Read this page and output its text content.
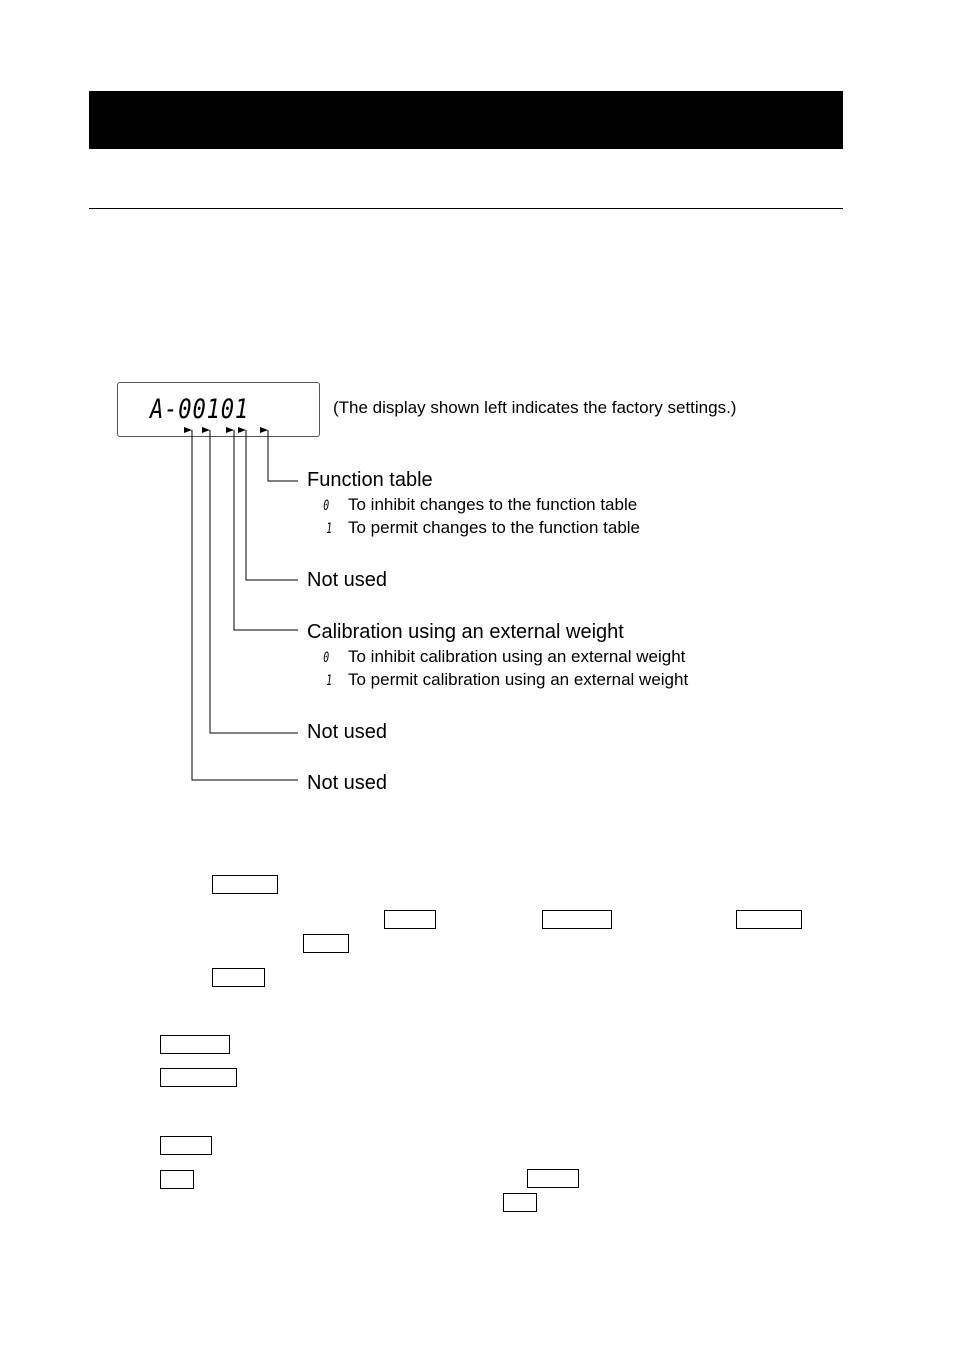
A-00101	(The display shown left indicates the factory settings.)
Function table
0 To inhibit changes to the function table
1 To permit changes to the function table
Not used
Calibration using an external weight
0 To inhibit calibration using an external weight
1 To permit calibration using an external weight
Not used
Not used
